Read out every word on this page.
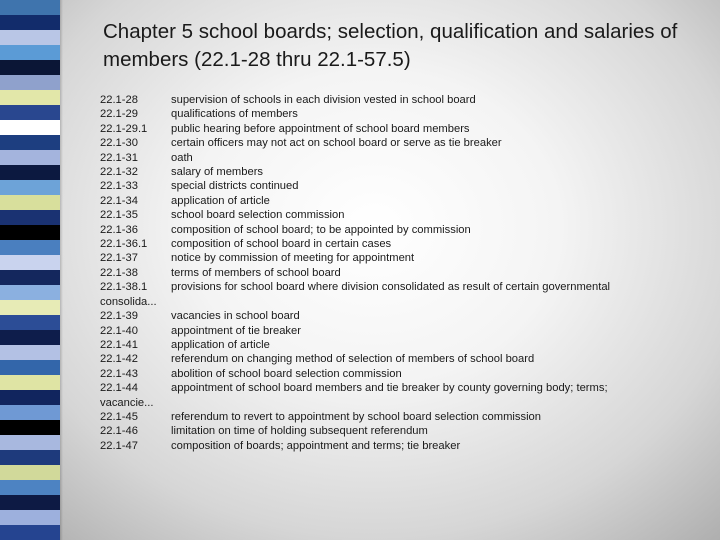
Chapter 5 school boards; selection, qualification and salaries of members (22.1-28 thru 22.1-57.5)
22.1-28	supervision of schools in each division vested in school board
22.1-29	qualifications of members
22.1-29.1	public hearing before appointment of school board members
22.1-30	certain officers may not act on school board or serve as tie breaker
22.1-31	oath
22.1-32	salary of members
22.1-33	special districts continued
22.1-34	application of article
22.1-35	school board selection commission
22.1-36	composition of school board; to be appointed by commission
22.1-36.1	composition of school board in certain cases
22.1-37	notice by commission of meeting for appointment
22.1-38	terms of members of school board
22.1-38.1	provisions for school board where division consolidated as result of certain governmental
consolida...
22.1-39	vacancies in school board
22.1-40	appointment of tie breaker
22.1-41	application of article
22.1-42	referendum on changing method of selection of members of school board
22.1-43	abolition of school board selection commission
22.1-44	appointment of school board members and tie breaker by county governing body; terms;
vacancie...
22.1-45	referendum to revert to appointment by school board selection commission
22.1-46	limitation on time of holding subsequent referendum
22.1-47	composition of boards; appointment and terms; tie breaker
